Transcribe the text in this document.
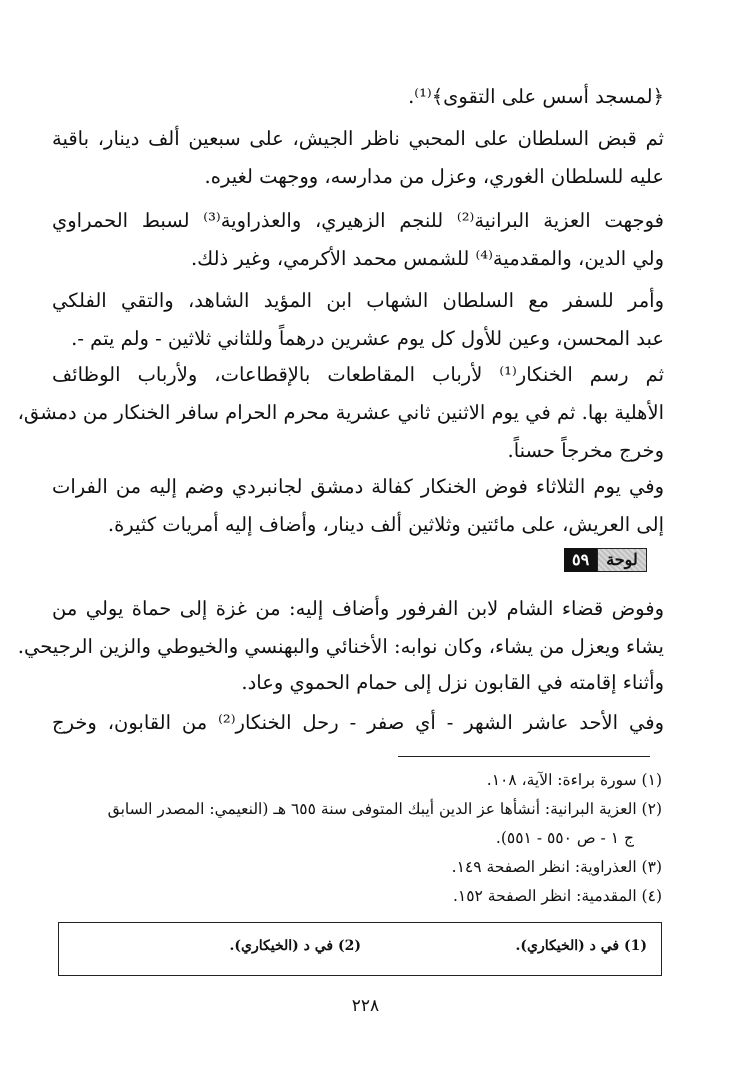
﴿لمسجد أسس على التقوى﴾⁽¹⁾.
ثم قبض السلطان على المحبي ناظر الجيش، على سبعين ألف دينار، باقية
عليه للسلطان الغوري، وعزل من مدارسه، ووجهت لغيره.
فوجهت العزية البرانية⁽²⁾ للنجم الزهيري، والعذراوية⁽³⁾ لسبط الحمراوي
ولي الدين، والمقدمية⁽⁴⁾ للشمس محمد الأكرمي، وغير ذلك.
وأمر للسفر مع السلطان الشهاب ابن المؤيد الشاهد، والتقي الفلكي
عبد المحسن، وعين للأول كل يوم عشرين درهماً وللثاني ثلاثين - ولم يتم -.
ثم رسم الخنكار⁽¹⁾ لأرباب المقاطعات بالإقطاعات، ولأرباب الوظائف
الأهلية بها. ثم في يوم الاثنين ثاني عشرية محرم الحرام سافر الخنكار من دمشق،
وخرج مخرجاً حسناً.
وفي يوم الثلاثاء فوض الخنكار كفالة دمشق لجانبردي وضم إليه من الفرات
إلى العريش، على مائتين وثلاثين ألف دينار، وأضاف إليه أمريات كثيرة.
لوحة
٥٩
وفوض قضاء الشام لابن الفرفور وأضاف إليه: من غزة إلى حماة يولي من
يشاء ويعزل من يشاء، وكان نوابه: الأخنائي والبهنسي والخيوطي والزين الرجيحي.
وأثناء إقامته في القابون نزل إلى حمام الحموي وعاد.
وفي الأحد عاشر الشهر - أي صفر - رحل الخنكار⁽²⁾ من القابون، وخرج
(١) سورة براءة: الآية، ١٠٨.
(٢) العزية البرانية: أنشأها عز الدين أيبك المتوفى سنة ٦٥٥ هـ (النعيمي: المصدر السابق
ج ١ - ص ٥٥٠ - ٥٥١).
(٣) العذراوية: انظر الصفحة ١٤٩.
(٤) المقدمية: انظر الصفحة ١٥٢.
(1) في د (الخيكاري).
(2) في د (الخيكاري).
٢٢٨
